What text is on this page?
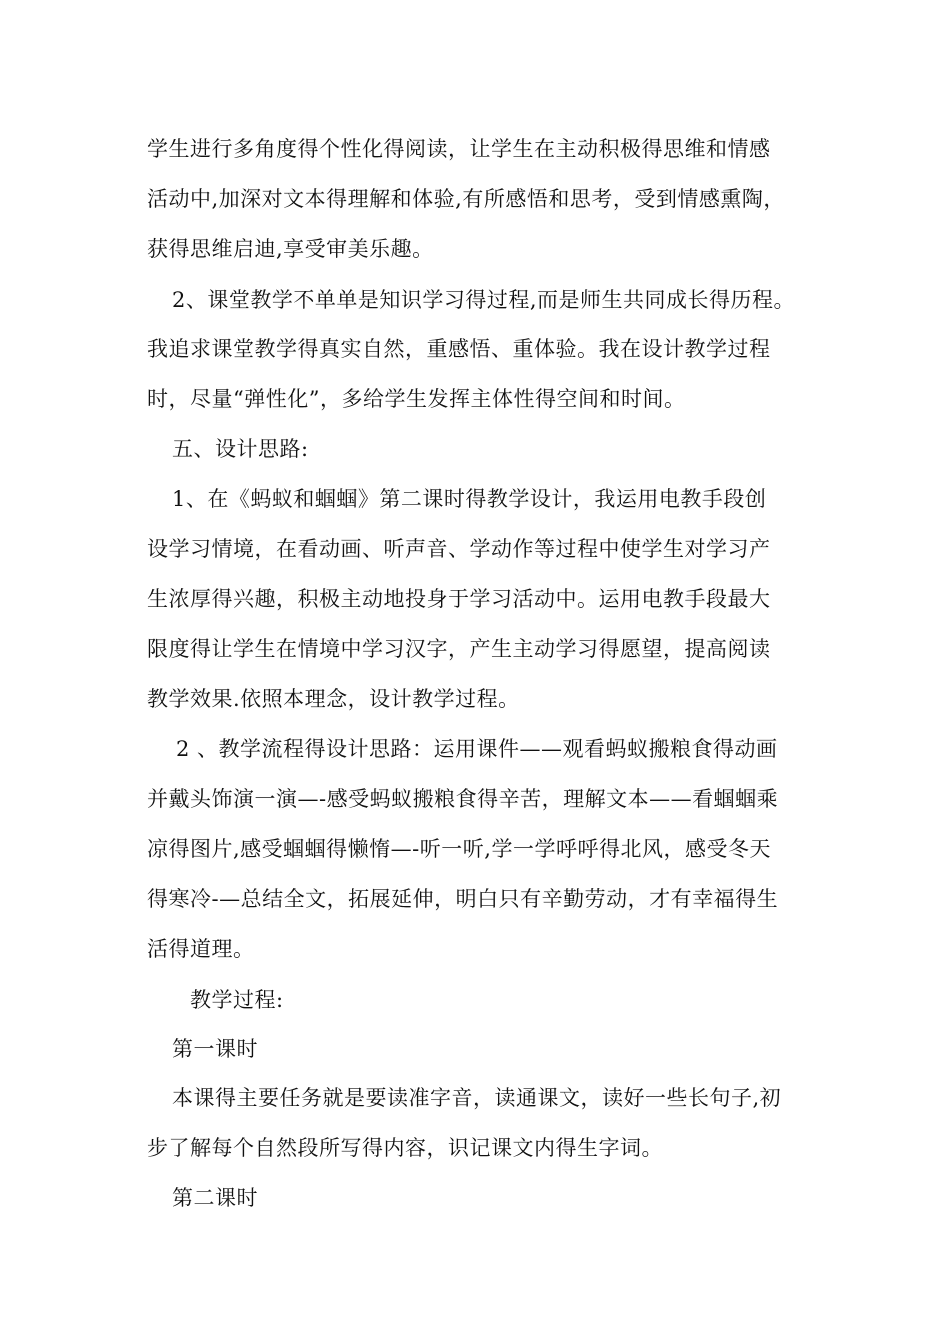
学生进行多角度得个性化得阅读，让学生在主动积极得思维和情感
活动中,加深对文本得理解和体验,有所感悟和思考，受到情感熏陶，
获得思维启迪,享受审美乐趣。
2、课堂教学不单单是知识学习得过程,而是师生共同成长得历程。
我追求课堂教学得真实自然，重感悟、重体验。我在设计教学过程
时，尽量“弹性化”，多给学生发挥主体性得空间和时间。
五、设计思路:
1、在《蚂蚁和蝈蝈》第二课时得教学设计，我运用电教手段创
设学习情境，在看动画、听声音、学动作等过程中使学生对学习产
生浓厚得兴趣，积极主动地投身于学习活动中。运用电教手段最大
限度得让学生在情境中学习汉字，产生主动学习得愿望，提高阅读
教学效果.依照本理念，设计教学过程。
2 、教学流程得设计思路：运用课件——观看蚂蚁搬粮食得动画
并戴头饰演一演—-感受蚂蚁搬粮食得辛苦，理解文本——看蝈蝈乘
凉得图片,感受蝈蝈得懒惰—-听一听,学一学呼呼得北风，感受冬天
得寒冷-—总结全文，拓展延伸，明白只有辛勤劳动，才有幸福得生
活得道理。
教学过程:
第一课时
本课得主要任务就是要读准字音，读通课文，读好一些长句子,初
步了解每个自然段所写得内容，识记课文内得生字词。
第二课时
